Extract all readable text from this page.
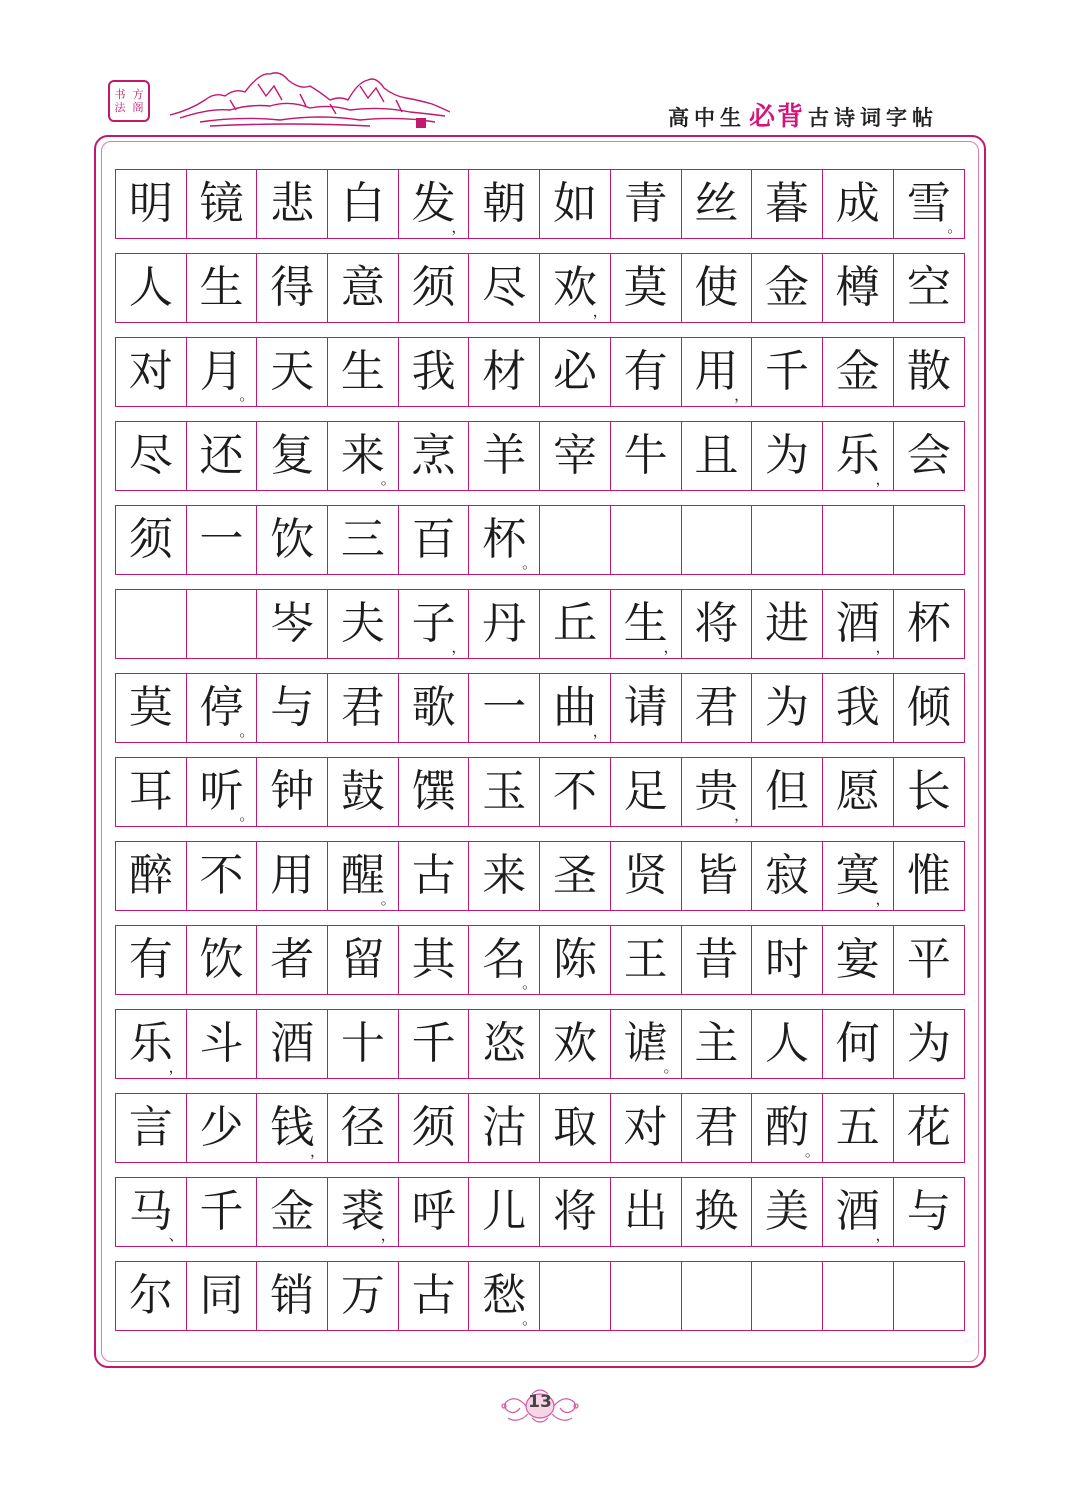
书 方
法 阁	高中生 必背 古诗词字帖
明 镜 悲 白 发
， 朝 如 青 丝 暮 成 雪
。
人 生 得 意 须 尽 欢
， 莫 使 金 樽 空
对 月
。 天 生 我 材 必 有 用
， 千 金 散
尽 还 复 来
。 烹 羊 宰 牛 且 为 乐
， 会
须 一 饮 三 百 杯
。
岑 夫 子
， 丹 丘 生
， 将 进 酒
， 杯
莫 停
。 与 君 歌 一 曲
， 请 君 为 我 倾
耳 听
。 钟 鼓 馔 玉 不 足 贵
， 但 愿 长
醉 不 用 醒
。 古 来 圣 贤 皆 寂 寞
， 惟
有 饮 者 留 其 名
。 陈 王 昔 时 宴 平
乐
， 斗 酒 十 千 恣 欢 谑
。 主 人 何 为
言 少 钱
， 径 须 沽 取 对 君 酌
。 五 花
马
、 千 金 裘
， 呼 儿 将 出 换 美 酒
， 与
尔 同 销 万 古 愁
。
13
